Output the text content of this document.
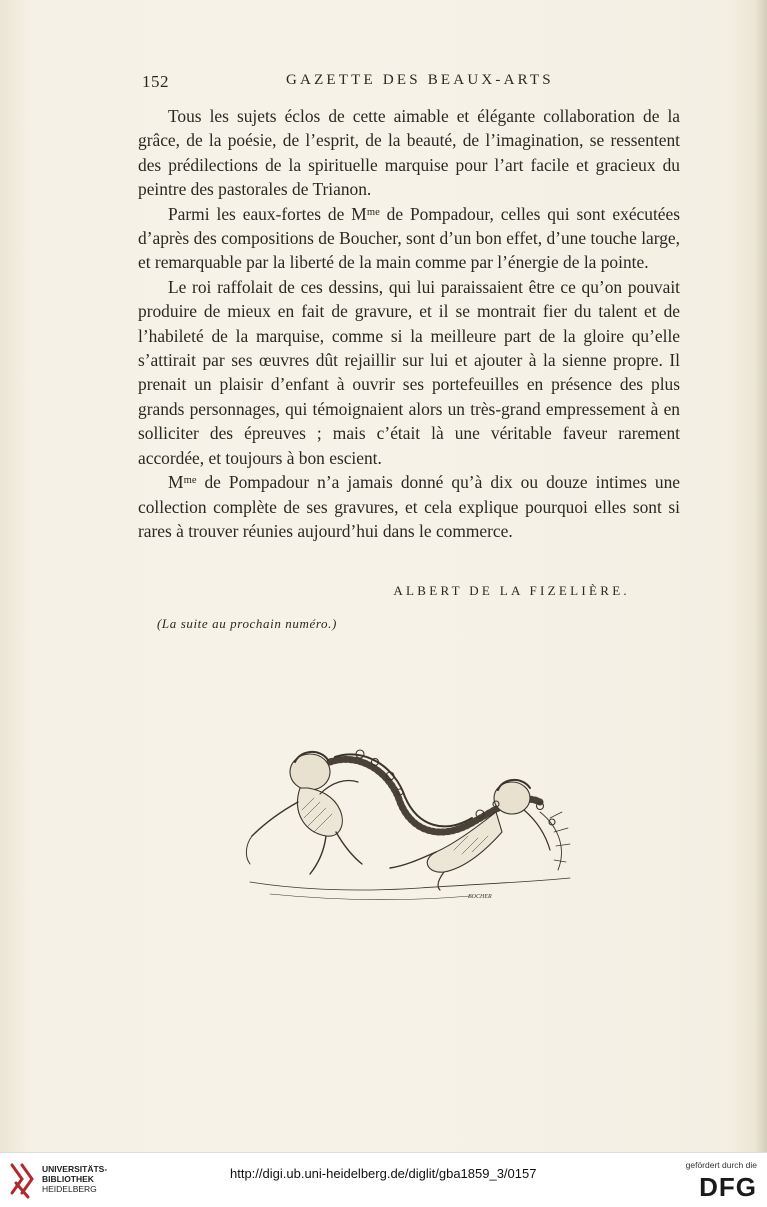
152	GAZETTE DES BEAUX-ARTS

Tous les sujets éclos de cette aimable et élégante collaboration de la grâce, de la poésie, de l’esprit, de la beauté, de l’imagination, se ressentent des prédilections de la spirituelle marquise pour l’art facile et gracieux du peintre des pastorales de Trianon.

Parmi les eaux-fortes de Mᵐᵉ de Pompadour, celles qui sont exécutées d’après des compositions de Boucher, sont d’un bon effet, d’une touche large, et remarquable par la liberté de la main comme par l’énergie de la pointe.

Le roi raffolait de ces dessins, qui lui paraissaient être ce qu’on pouvait produire de mieux en fait de gravure, et il se montrait fier du talent et de l’habileté de la marquise, comme si la meilleure part de la gloire qu’elle s’attirait par ses œuvres dût rejaillir sur lui et ajouter à la sienne propre. Il prenait un plaisir d’enfant à ouvrir ses portefeuilles en présence des plus grands personnages, qui témoignaient alors un très-grand empressement à en solliciter des épreuves ; mais c’était là une véritable faveur rarement accordée, et toujours à bon escient.

Mᵐᵉ de Pompadour n’a jamais donné qu’à dix ou douze intimes une collection complète de ses gravures, et cela explique pourquoi elles sont si rares à trouver réunies aujourd’hui dans le commerce.

ALBERT DE LA FIZELIÈRE.
(La suite au prochain numéro.)
BOCHER
UNIVERSITÄTS-
BIBLIOTHEK
HEIDELBERG
http://digi.ub.uni-heidelberg.de/diglit/gba1859_3/0157
gefördert durch die
DFG
